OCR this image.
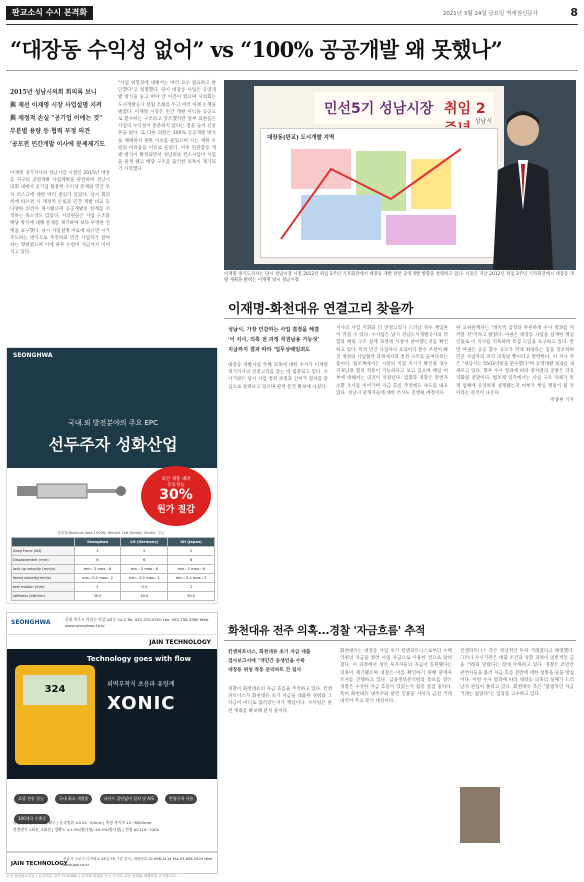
판교소식 수시 본격화	2021년 3월 24일 금요일 역세권신문사	8
“대장동 수익성 없어” vs “100% 공공개발 왜 못했나”
2015년 성남시의회 회의록 보니
與 재선 이재명 시장 사업설명 지켜
與 재정적 손실 "공기업 이에는 것"
무분별 용량 등 협력 부정 의견
'공모전 민간개발 이사에 문제제기도

이재명 경기지사의 성남시장 시절인 2015년 대장동 지구의 공영개발 사업계획을 관련하여 성남시의회 내에서 공기업 활용한 수익성 문제와 민간 투자 리스크에 대한 여러 질의가 있었다. 당시 회의록에 따르면 시 재정적 손실과 민간 개발 비교 등 다양한 의견이 제시됐으며 공공개발의 한계를 지적하는 목소리도 있었다. 시의원들은 사업 구조와 배당 방식에 대해 문제를 제기하며 보다 투명한 진행을 요구했다. 당시 사업설명 자료에 따르면 시가 주도하는 방식으로 추진하되 민간 사업자가 참여하는 형태였으며 이에 따른 논란이 지금까지 이어지고 있다.

"사업 위험성에 대해서는 여러 요구 필요하고 판단했다"고 설명했다. 당시 대장동 사업은 공영개발 방식을 놓고 여야 간 이견이 컸으며 시의회는 도시개발공사 설립 조례를 두고 여러 차례 논쟁을 벌였다. 이재명 시장은 민간 개발 이익을 공공으로 환수하는 구조라고 강조했지만 일부 의원들은 사업의 수익성이 충분하지 않다는 점을 들어 신중론을 폈다. 또 다른 의원은 100% 공공개발 방식을 채택하지 못한 이유를 물었으며 시는 재원 조달의 어려움을 이유로 들었다. 이후 민관합동 개발 방식이 확정되면서 성남의뜰 컨소시엄이 사업을 맡게 됐고 배당 구조를 둘러싼 의혹이 제기되기 시작했다.

민선5기 성남시장 취임 2
성남시
대장동(판교) 도시개발 지역

이재명 경기도지사는 당시 성남시장 시절 2012년 취임 2주년 기자회견에서 대장동 개발 관련 공영개발 방향을 설명하고 있다. 사진은 지난 2012년 취임 2주년 기자회견에서 대장동 개발 계획을 밝히는 이재명 당시 성남시장.

이재명-화천대유 연결고리 찾을까
성남시, 가장 민감하는 사업 결정을 해결
'이 지사, 의혹 전 과정 직권남용 가능성'
지금까지 결과 따라 '업무상배임죄도

대장동 개발사업 특혜 의혹에 대한 수사가 이재명 경기지사의 연결고리를 찾는 데 집중되고 있다. 수사기관은 당시 사업 결정 과정과 인허가 절차를 중심으로 살펴보고 있으며 관련 문건 확보에 나섰다.

지사의 사업 지휘와 더 연결고리가 드러날 경우 책임론이 커질 수 있다. 수사팀은 당시 성남도시개발공사의 역할과 배당 구조 설계 과정에 시장이 관여했는지를 확인하고 있다. 특히 민간 사업자의 초과이익 환수 조항이 빠진 경위와 사업협약 과정에서의 결정 구조를 들여다보는 중이다. 법조계에서는 시장의 직접 지시가 확인될 경우 직권남용 혐의 적용이 가능하다고 보고 있으며 배임 여부에 대해서는 의견이 엇갈린다. 검찰과 경찰은 관련자 소환 조사를 이어가며 자금 흐름 추적에도 속도를 내고 있다. 성남시 관계자들에 대한 조사도 진행될 예정이다.

한 고위관계자는 "정치적 입장과 무관하게 수사 결과를 지켜볼 것"이라고 밝혔다. 야권은 대장동 사업을 설계한 핵심 인물로 이 지사를 지목하며 특검 도입을 요구하고 있다. 반면 여권은 공공 환수 규모가 역대 최대라는 점을 강조하며 민간 사업자의 비리 의혹일 뿐이라고 반박한다. 이 지사 측은 "성남시는 5503억원을 환수했다"며 공영개발 성과를 내세우고 있다. 향후 수사 결과에 따라 정치권의 공방은 더욱 격화될 전망이다. 법조계 일각에서는 사업 구조 자체가 특정 업체에 유리하게 설계됐는지 여부가 핵심 쟁점이 될 것이라는 분석이 나온다.

박종현 기자

SEONGHWA
국내.외 발전분야의 주요 EPC
선두주자 성화산업
외산 제품 대비
동등성능
30%
원가 절감
성화형(Nominal load 1000N, Weight 1kN,Stroke) Stroke: 가능
	Seonghwa	LH (Germany)	SH (Japan)
Drag Force (kN)	2	2	2
Displacement (mm)	6	6	6
lock up velocity (mm/s)	min.: 2 max.: 6	min.: 2 max.: 6	min.: 2 max.: 6
bleed velocity(mm/s)	min.: 0.2 max.: 2	min.: 0.2 max.: 2	min.: 0.2 max.: 2
test motion (mm)	1	0.5	2
stiffness (kN/mm)	30.0	30.0	30.0
SEONGHWA	본점 전주시 덕진구 이상 4과동 24-2 Tel. 055-370-0200 Fax. 055-758-3960 Web. www.seonghwa.co.kr
JAIN TECHNOLOGY
Technology goes with flow
외벽부착식 초음파 유량계
XONIC
324
초당 전송 성능	국내 최초 개발품	파이프 절단없이 설치 및 A/S	반영구적 사용 100개국 수출중
측정대상 상수, 하수, 폐수 | 유속범위 ±0.02~20m/s | 측정 사이즈 12~6000mm
측정방식 1회선, 2회선 | 정확도 ±1.0%(방사형) ±0.5%(방사형) | 전원 AC110~220V
JAIN TECHNOLOGY
서울시 구로구 디지털로 33길 55, 7층 본사, 대표번호 02-856-4114 Fax 02-856-9303 Web www.jain.co.kr
화천대유 전주 의혹...경찰 '자금흐름' 추적
킨앤파트너스, 화천대유 초기 자금 대출
검사보고서에 "개인간 동생인을 수록
대장동 위성 작동 분리파트 간 일사

경찰이 화천대유의 자금 흐름을 추적하고 있다. 킨앤파트너스가 화천대유 초기 자금을 대출한 경위와 그 자금이 어디로 흘러갔는지가 핵심이다. 수사팀은 관련 계좌를 확보해 분석 중이다.

화천대유는 대장동 사업 초기 킨앤파트너스로부터 수백억원의 자금을 빌려 사업 자금으로 사용한 것으로 알려졌다. 이 과정에서 개인 투자자들의 자금이 동원됐다는 의혹이 제기됐으며 경찰은 이를 확인하기 위해 관계자 조사를 진행하고 있다. 금융정보분석원의 통보를 받은 경찰은 수상한 자금 흐름이 있었는지 집중 점검 중이다. 특히 화천대유 대주주와 관련 인물들 사이의 금전 거래 내역이 주요 분석 대상이다.

킨앤파트너스 측은 정상적인 투자 거래였다고 해명했다. 그러나 수사기관은 대출 조건과 상환 과정이 일반적인 금융 거래와 달랐다는 점에 주목하고 있다. 경찰은 조만간 관련자들을 불러 자금 흐름 전반에 대한 설명을 들을 방침이다. 이번 수사 결과에 따라 대장동 의혹의 실체가 드러날지 관심이 쏠리고 있다. 화천대유 측은 "불법적인 자금 거래는 없었다"는 입장을 고수하고 있다.

주간 성남판교신문 | 등록번호 경기 아 00000 | 본지에 게재된 모든 기사의 무단 전재와 재배포를 금지합니다.
